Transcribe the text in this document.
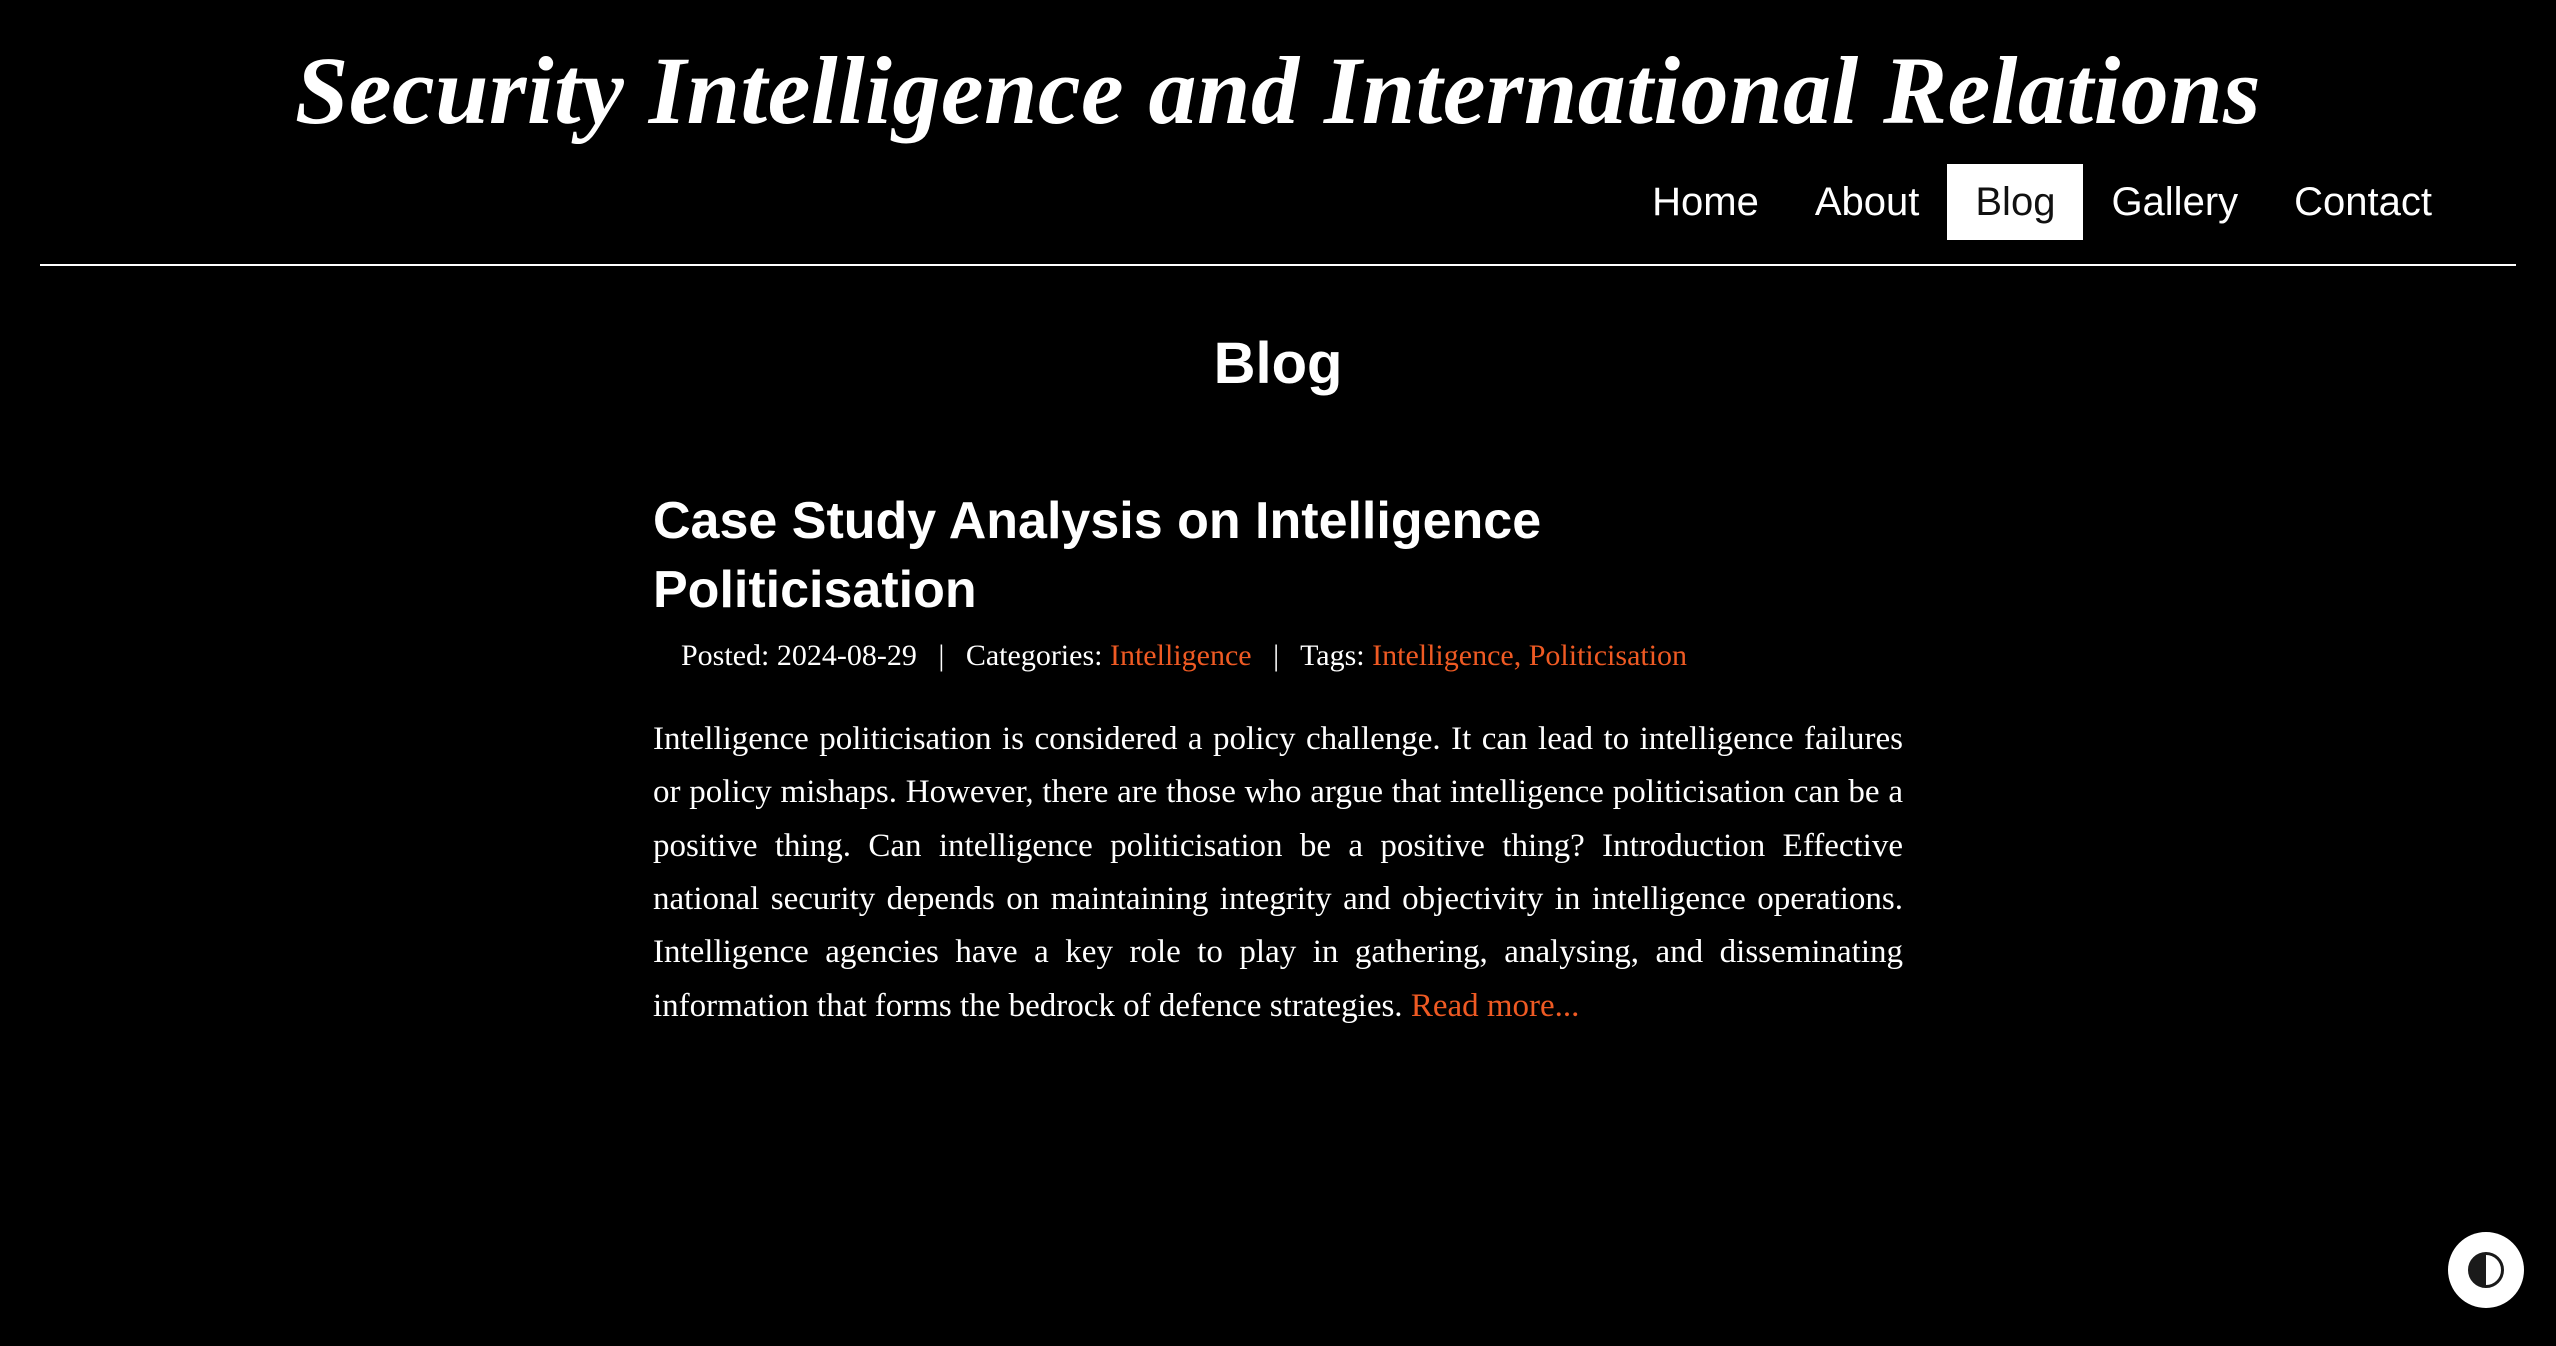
Security Intelligence and International Relations
Home	About	Blog	Gallery	Contact
Blog
Case Study Analysis on Intelligence Politicisation
Posted: 2024-08-29 | Categories: Intelligence | Tags: Intelligence, Politicisation

Intelligence politicisation is considered a policy challenge. It can lead to intelligence failures or policy mishaps. However, there are those who argue that intelligence politicisation can be a positive thing. Can intelligence politicisation be a positive thing? Introduction Effective national security depends on maintaining integrity and objectivity in intelligence operations. Intelligence agencies have a key role to play in gathering, analysing, and disseminating information that forms the bedrock of defence strategies. Read more...
